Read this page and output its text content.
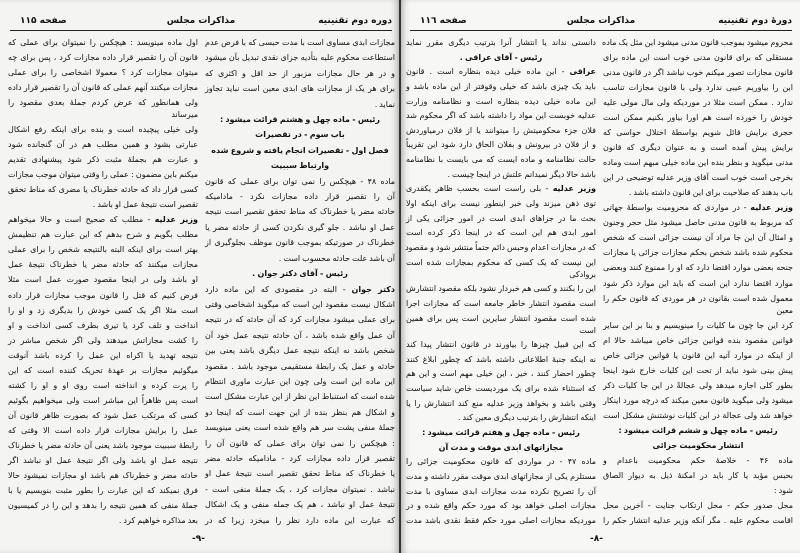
دوره دوم تقنینیه
مذاکرات مجلس
صفحه ۱۱۵
مجازات ابدی مساوی است با مدت حبسی که با فرض عدم
استطاعت محکوم علیه بتأدیه جزای نقدی تبدیل بآن میشود
و در هر حال مجازات مزبور از حد اقل و اکثری که
برای هر یک از مجازات های ابدی معین است نباید تجاوز
نماید .
رئیس - ماده چهل و هشتم قرائت میشود :
باب سوم - در تقصیرات
فصل اول - تقصیرات انجام یافته و شروع شده
وارتباط سببیت
ماده ۴۸ - هیچکس را نمی توان برای عملی که قانون
آن را تقصیر قرار داده مجازات نکرد - مادامیکه
حادثه مضر یا خطرناک که مناط تحقق تقصیر است نتیجه
عمل او نباشد . جلو گیری نکردن کسی از حادثه مضر یا
خطرناک در صورتیکه بموجب قانون موظف بجلوگیری از
آن باشد علت حادثه محسوب است .
رئیس - آقای دکتر جوان .
دکتر جوان - البته در مقصودی که این ماده دارد
اشکال نیست مقصود این است که میگوید اشخاصی وقتی
برای عملی میشود مجازات کرد که آن حادثه که در نتیجه
آن عمل واقع شده باشد ، آن حادثه نتیجه عمل خود آن
شخص باشد نه اینکه نتیجه عمل دیگری باشد یعنی بین
حادثه و عمل یک رابطهٔ مستقیمی موجود باشد . مقصود
این ماده این است ولی چون این عبارت ماوری انتظام
شده است که استنباط این نظر از این عبارت مشکل است
و اشکال هم بنظر بنده از این جهت است که اینجا دو
جملهٔ منفی پشت سر هم واقع شده است یعنی مینویسد
: هیچکس را نمی توان برای عملی که قانون آن را
تقصیر قرار داده مجازات کرد - مادامیکه حادثه مضر
یا خطرناک که مناط تحقق تقصیر است نتیجهٔ عمل او
نباشد . نمیتوان مجازات کرد ، یک جملهٔ منفی است -
نتیجهٔ عمل او نباشد ، هم یک جمله منفی و یک اشکال
که عبارت این ماده دارد نظر را میخزد زیرا که در
اول ماده مینویسد : هیچکس را نمیتوان برای عملی که
قانون آن را تقصیر قرار داده مجازات کرد ، پس برای چه
میتوان مجازات کرد ؟ معمولا اشخاصی را برای عملی
مجازات میکنند آنهم عملی که قانون آن را تقصیر قرار داده
ولی همانطور که عرض کردم جملهٔ بعدی مقصود را میرساند
ولی خیلی پیچیده است و بنده برای اینکه رفع اشکال
عبارتی بشود و همین مطلب هم در آن گنجانده شود
و عبارت هم بجملهٔ مثبت ذکر شود پیشنهادی تقدیم
میکنم باین مضمون : عملی را وقتی میتوان موجب مجازات
کسی قرار داد که حادثه خطرناک یا مضری که مناط تحقق
تقصیر است نتیجهٔ عمل او باشد .
وزیر عدلیه - مطلب که صحیح است و حالا میخواهم
مطلب بگویم و شرح بدهم که این عبارت هم تنظیمش
بهتر است برای اینکه البته بالنتیجه شخص را برای عملی
مجازات میکنند که حادثه مضر یا خطرناک نتیجهٔ عمل
او باشد ولی در اینجا مقصود صورت عمل است مثلا
فرض کنیم که قتل را قانون موجب مجازات قرار داده
است مثلا اگر یک کسی خودش را بدیگری زد و او را
انداخت و تلف کرد یا تیری بطرف کسی انداخت و او
را کشت مجازاتش میدهند ولی اگر شخص مباشر در
نتیجه تهدید یا اکراه این عمل را کرده باشد آنوقت
میگوئیم مجازات بر عهدهٔ تحریک کننده است که این
را پرت کرده و انداخته است روی او و او را کشته
است پس ظاهراً این مباشر است ولی میخواهیم بگوئیم
کسی که مرتکب عمل شود که بصورت ظاهر قانون آن
عمل را برایش مجازات قرار داده است الا وقتی که
رابطهٔ سببیت موجود باشد یعنی آن حادثه مضر یا خطرناک
نتیجه عمل او باشد ولی اگر نتیجهٔ عمل او نباشد اگر
حادثه مضر و خطرناک هم باشد او مجازات نمیشود حالا
فرق نمیکند که این عبارت را بطور مثبت بنویسیم یا با
جملهٔ منفی که همین نتیجه را بدهد و این را در کمیسیون
بعد مذاکره خواهیم کرد .
-۹-
دورهٔ دوم تقنینیه
مذاکرات مجلس
صفحه ۱۱٦
محروم میشود بموجب قانون مدنی میشود این مثل یک ماده
مستقلی که برای قانون مدنی خوب است این ماده برای
قانون مجازات تصور میکنم خوب نباشد اگر در قانون مدنی
این را بیاوریم عیبی ندارد ولی با قانون مجازات تناسب
ندارد . ممکن است مثلا در موردیکه ولی مال مولی علیه
خودش را خورده است هم اورا بیاور بکنیم ممکن است
حجری برایش قائل شویم بواسطهٔ اختلال حواسی که
برایش پیش آمده است و به عنوان دیگری که قانون
مدنی میگوید و بنظر بنده این ماده خیلی مبهم است وماده
بخرجی است خوب است آقای وزیر عدلیه توضیحی در این
باب بدهند که صلاحیت برای این قانون داشته باشد .
وزیر عدلیه - در مواردی که محرومیت بواسطهٔ جهاتی
که مربوط به قانون مدنی حاصل میشود مثل حجر وجنون
و امثال آن این جا مراد آن نیست جزائی است که شخص
محکوم شده باشد شخص بحکم مجازات جزائی یا مجازات
جنحه بعضی موارد اقتضا دارد که او را ممنوع کنند وبعضی
موارد اقتضا ندارد این است که باید این موارد ذکر شود
معمول شده است بقانون در هر موردی که قانون حکم را معین
کرد این جا چون ما کلیات را مینویسیم و بنا بر این سایر
قوانین مقصود بنده قوانین جزائی خاص میباشد حالا ام
از اینکه در موارد آتیه این قانون یا قوانین جزائی خاص
پیش بینی شود نباید از تحت این کلیات خارج شود اینجا
بطور کلی اجازه میدهد ولی عجالةً در این جا کلیات ذکر
میشود ولی میگوید قانون معین میکند که درچه مورد اینکار
خواهد شد ولی عجالة در این کلیات نوشتنش مشکل است
رئیس - ماده چهل و ششم قرائت میشود :
انتشار محکومیت جزائی
ماده ۴۶ - خلاصهٔ حکم محکومیت باعدام و
بحبس مؤبد یا کار باید در امکنهٔ ذیل به دیوار الصاق
شود :
محل صدور حکم - محل ارتکاب جنایت - آخرین محل
اقامت محکوم علیه . مگر آنکه وزیر عدلیه انتشار حکم را
دانستی نداند یا انتشار آنرا بترتیب دیگری مقرر نماید
رئیس - آقای عراقی .
عراقی - این ماده خیلی دیده بنظاره است . قانون
باید یک چیزی باشد که خیلی وقوفتر از این ماده باشد و
این ماده خیلی دیده بنظاره است و نظامنامه وزارت
عدلیه خوبست این مواد را داشته باشد که اگر محکوم شد
فلان جزء محکومیتش را میتوانند یا از فلان درمیاوردش
و از فلان در بیرونش و بفلان الحاق دارد شود این تقریباً
حالت نظامنامه و ماده ایست که می بایست با نظامنامه
باشد حالا دیگر نمیدانم علتش در اینجا چیست .
وزیر عدلیه - بلی راست است بحسب ظاهر یکقدری
توی ذهن میزند ولی خبر اینطور نیست برای اینکه اولا
بحث ما در جزاهای ابدی است در امور جزائی یکی از
امور ابدی هم این است که در اینجا ذکر کرده است
که در مجازات اعدام وحبس دائم حتماً منتشر شود و مقصود
این نیست که یک کسی که محکوم بمجازات شده است بروادکی
این را بکنند و کسی هم خبردار نشود بلکه مقصود انتشارش
است مقصود انتشار خاطر جامعه است که مجازات اجرا
شده است مقصود انتشار سایرین است پس برای همین است
که این قبیل چیزها را بیاورند در قانون انتشار پیدا کند
نه اینکه جنبهٔ اطلاعاتی داشته باشد که چطور ابلاغ کنند
چطور احضار کنند ، خیر ، این خیلی مهم است و این هم
که استثناء شده برای یک موردیست خاص شاید سیاست
وقتی باشد و بخواهد وزیر عدلیه منع کند انتشارش را یا
اینکه انتشارش را بترتیب دیگری معین کند .
رئیس - ماده چهل و هفتم قرائت میشود :
مجازاتهای ابدی موقت و مدت آن
ماده ۴۷ - در مواردی که قانون محکومیت جزائی را
مستلزم یکی از مجازاتهای ابدی موقت مقرر داشته و مدت
آن را تصریح نکرده مدت مجازات ابدی مساوی با مدت
مجازات اصلی خواهد بود که مورد حکم واقع شده و در
موردیکه مجازات اصلی مورد حکم فقط نقدی باشد مدت
-۸-
